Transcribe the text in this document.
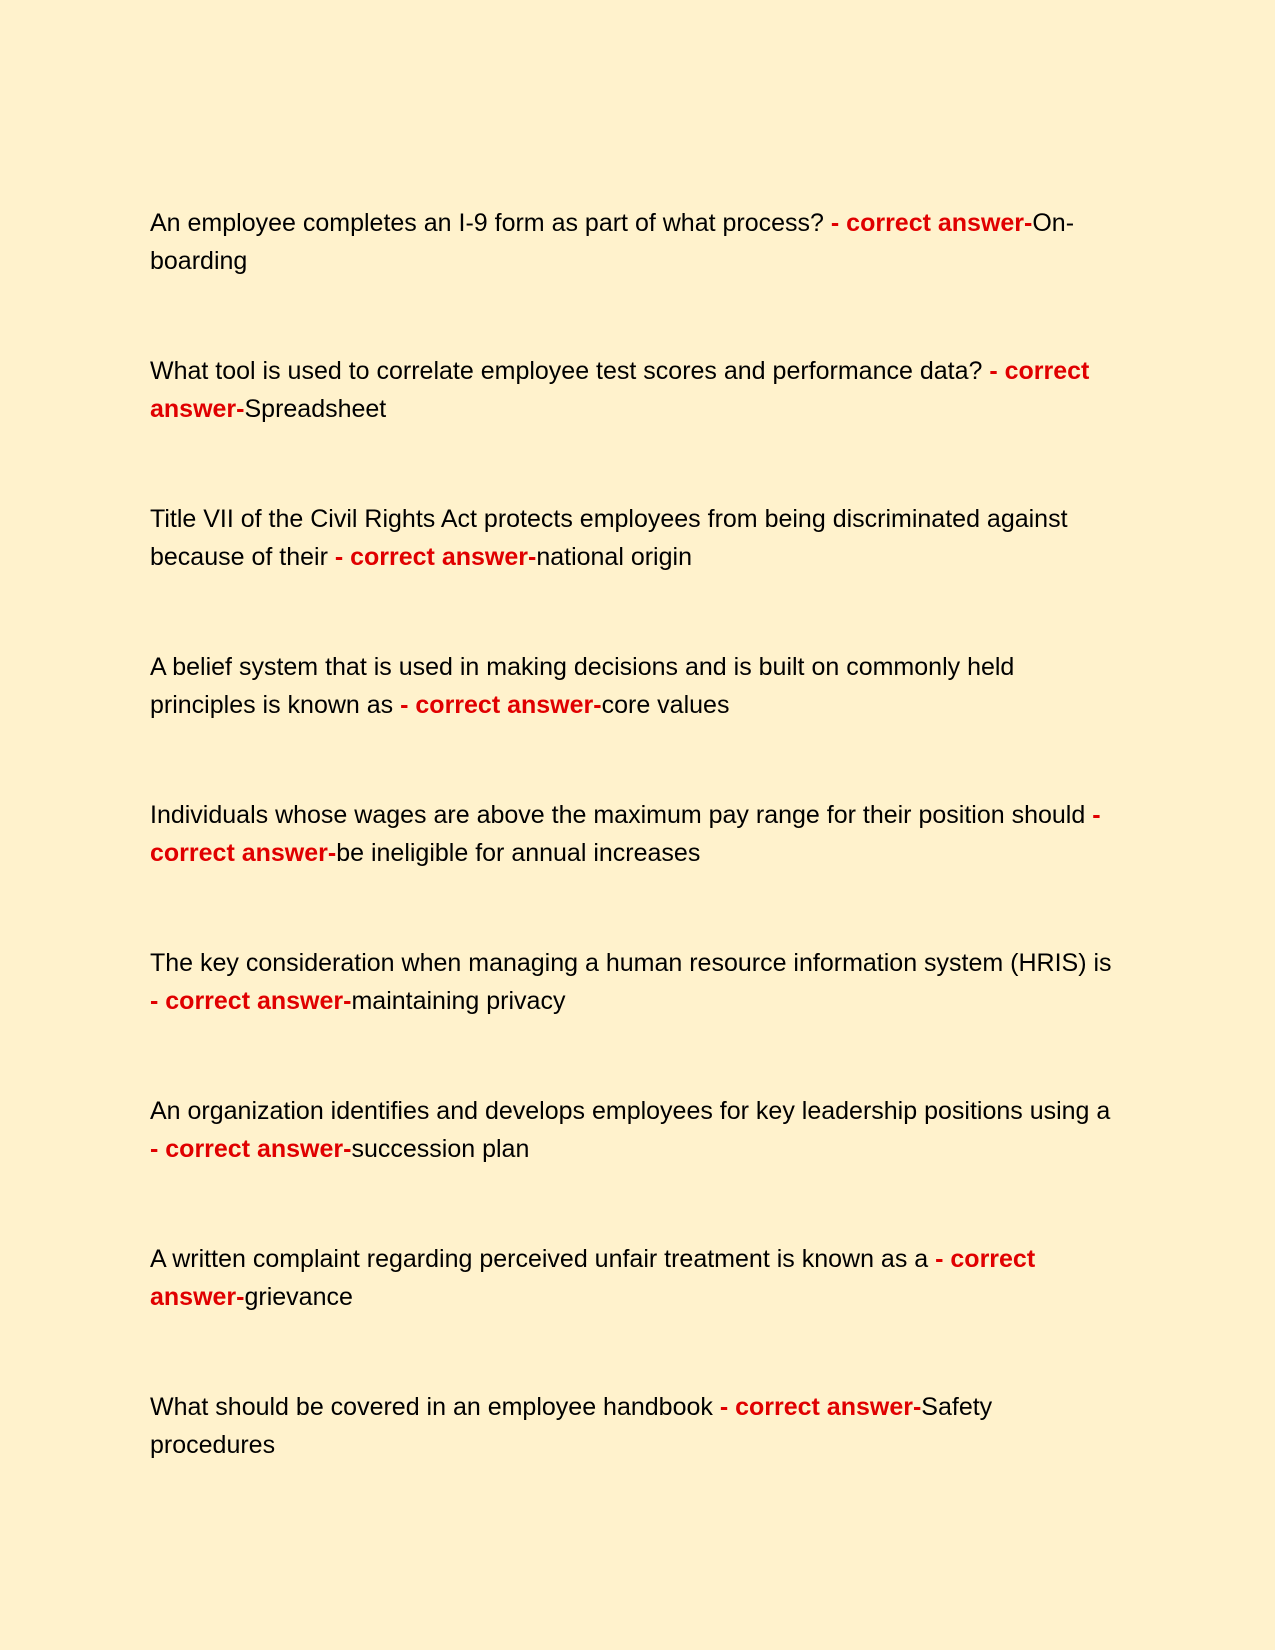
An employee completes an I-9 form as part of what process? - correct answer-On-boarding

What tool is used to correlate employee test scores and performance data? - correct answer-Spreadsheet

Title VII of the Civil Rights Act protects employees from being discriminated against because of their - correct answer-national origin

A belief system that is used in making decisions and is built on commonly held principles is known as - correct answer-core values

Individuals whose wages are above the maximum pay range for their position should - correct answer-be ineligible for annual increases

The key consideration when managing a human resource information system (HRIS) is - correct answer-maintaining privacy

An organization identifies and develops employees for key leadership positions using a - correct answer-succession plan

A written complaint regarding perceived unfair treatment is known as a - correct answer-grievance

What should be covered in an employee handbook - correct answer-Safety procedures
